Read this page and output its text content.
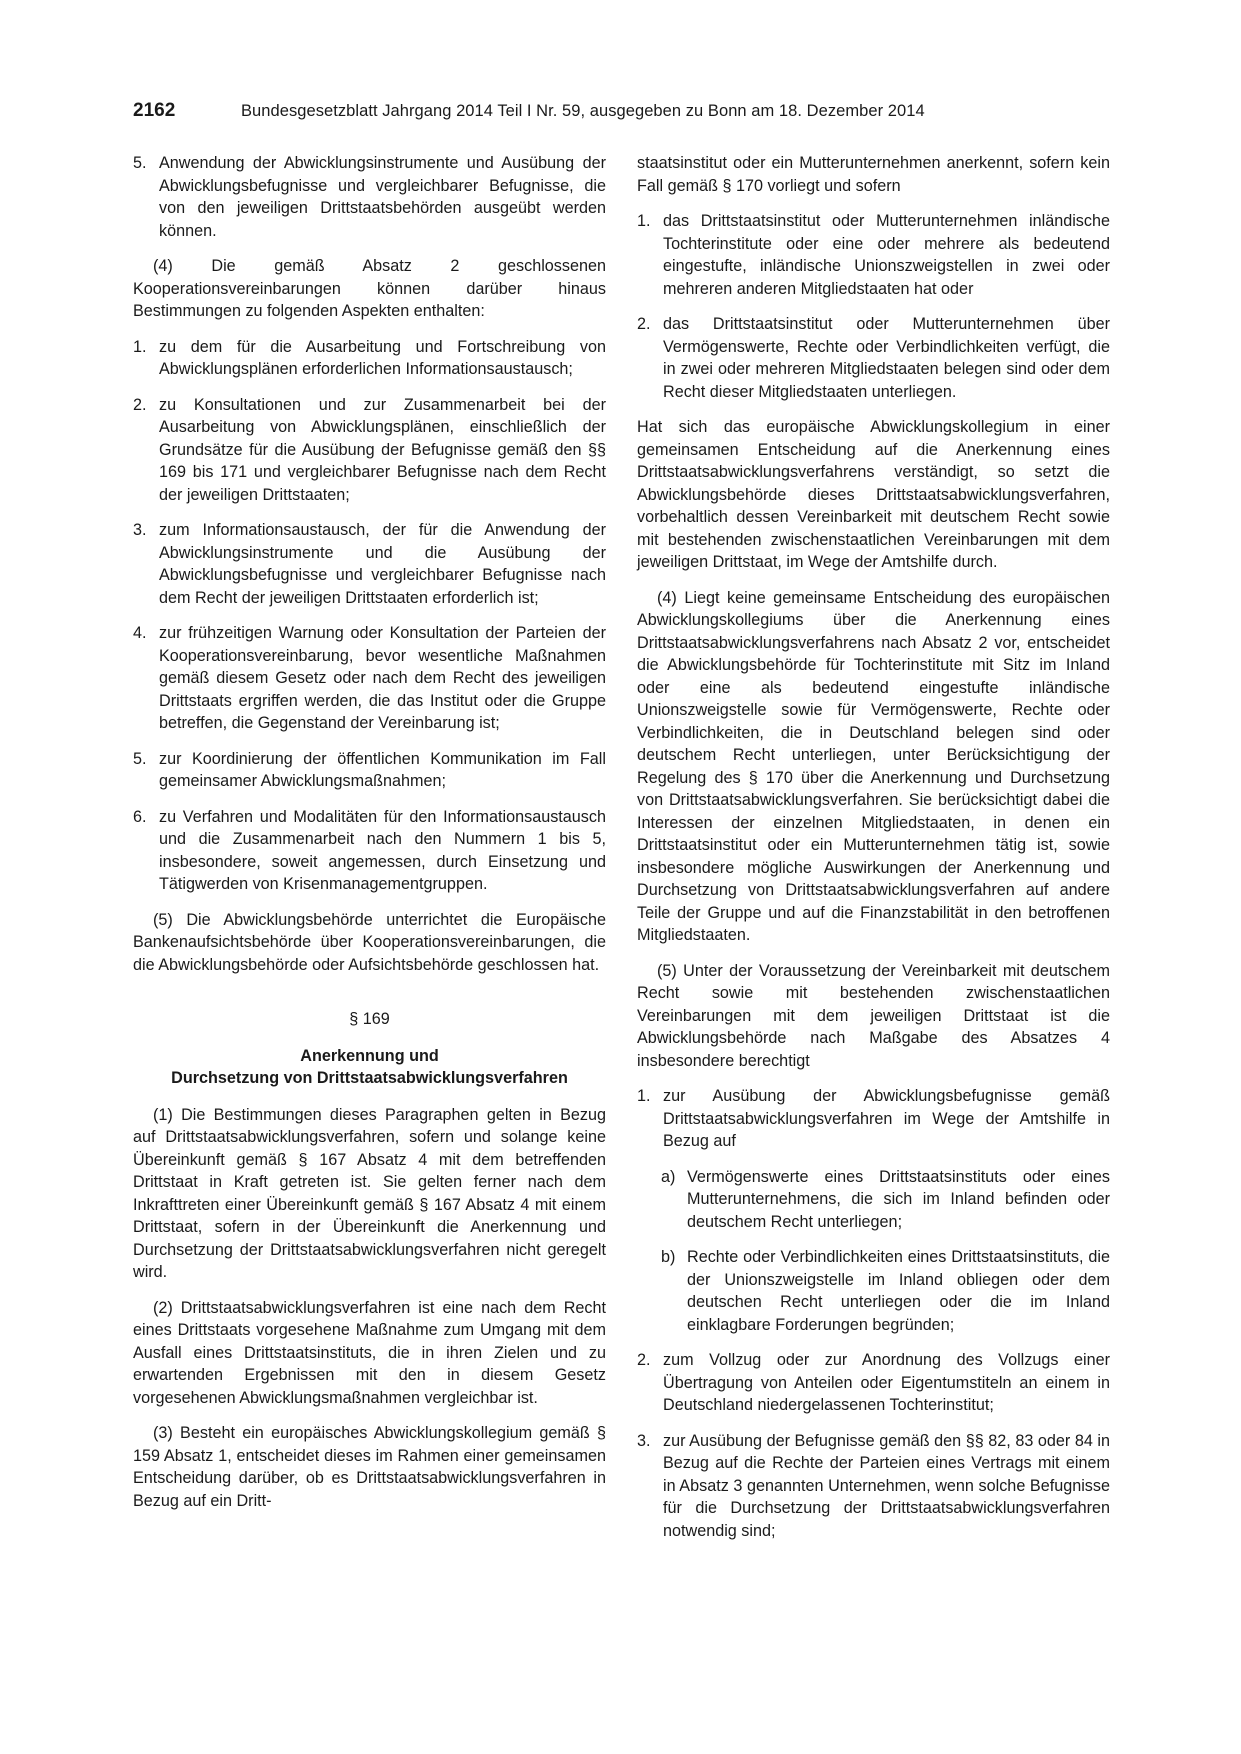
2162	Bundesgesetzblatt Jahrgang 2014 Teil I Nr. 59, ausgegeben zu Bonn am 18. Dezember 2014
5. Anwendung der Abwicklungsinstrumente und Ausübung der Abwicklungsbefugnisse und vergleichbarer Befugnisse, die von den jeweiligen Drittstaatsbehörden ausgeübt werden können.

(4) Die gemäß Absatz 2 geschlossenen Kooperationsvereinbarungen können darüber hinaus Bestimmungen zu folgenden Aspekten enthalten:

1. zu dem für die Ausarbeitung und Fortschreibung von Abwicklungsplänen erforderlichen Informationsaustausch;
2. zu Konsultationen und zur Zusammenarbeit bei der Ausarbeitung von Abwicklungsplänen, einschließlich der Grundsätze für die Ausübung der Befugnisse gemäß den §§ 169 bis 171 und vergleichbarer Befugnisse nach dem Recht der jeweiligen Drittstaaten;
3. zum Informationsaustausch, der für die Anwendung der Abwicklungsinstrumente und die Ausübung der Abwicklungsbefugnisse und vergleichbarer Befugnisse nach dem Recht der jeweiligen Drittstaaten erforderlich ist;
4. zur frühzeitigen Warnung oder Konsultation der Parteien der Kooperationsvereinbarung, bevor wesentliche Maßnahmen gemäß diesem Gesetz oder nach dem Recht des jeweiligen Drittstaats ergriffen werden, die das Institut oder die Gruppe betreffen, die Gegenstand der Vereinbarung ist;
5. zur Koordinierung der öffentlichen Kommunikation im Fall gemeinsamer Abwicklungsmaßnahmen;
6. zu Verfahren und Modalitäten für den Informationsaustausch und die Zusammenarbeit nach den Nummern 1 bis 5, insbesondere, soweit angemessen, durch Einsetzung und Tätigwerden von Krisenmanagementgruppen.

(5) Die Abwicklungsbehörde unterrichtet die Europäische Bankenaufsichtsbehörde über Kooperationsvereinbarungen, die die Abwicklungsbehörde oder Aufsichtsbehörde geschlossen hat.

§ 169
Anerkennung und
Durchsetzung von Drittstaatsabwicklungsverfahren

(1) Die Bestimmungen dieses Paragraphen gelten in Bezug auf Drittstaatsabwicklungsverfahren, sofern und solange keine Übereinkunft gemäß § 167 Absatz 4 mit dem betreffenden Drittstaat in Kraft getreten ist. Sie gelten ferner nach dem Inkrafttreten einer Übereinkunft gemäß § 167 Absatz 4 mit einem Drittstaat, sofern in der Übereinkunft die Anerkennung und Durchsetzung der Drittstaatsabwicklungsverfahren nicht geregelt wird.

(2) Drittstaatsabwicklungsverfahren ist eine nach dem Recht eines Drittstaats vorgesehene Maßnahme zum Umgang mit dem Ausfall eines Drittstaatsinstituts, die in ihren Zielen und zu erwartenden Ergebnissen mit den in diesem Gesetz vorgesehenen Abwicklungsmaßnahmen vergleichbar ist.

(3) Besteht ein europäisches Abwicklungskollegium gemäß § 159 Absatz 1, entscheidet dieses im Rahmen einer gemeinsamen Entscheidung darüber, ob es Drittstaatsabwicklungsverfahren in Bezug auf ein Dritt-

staatsinstitut oder ein Mutterunternehmen anerkennt, sofern kein Fall gemäß § 170 vorliegt und sofern

1. das Drittstaatsinstitut oder Mutterunternehmen inländische Tochterinstitute oder eine oder mehrere als bedeutend eingestufte, inländische Unionszweigstellen in zwei oder mehreren anderen Mitgliedstaaten hat oder
2. das Drittstaatsinstitut oder Mutterunternehmen über Vermögenswerte, Rechte oder Verbindlichkeiten verfügt, die in zwei oder mehreren Mitgliedstaaten belegen sind oder dem Recht dieser Mitgliedstaaten unterliegen.

Hat sich das europäische Abwicklungskollegium in einer gemeinsamen Entscheidung auf die Anerkennung eines Drittstaatsabwicklungsverfahrens verständigt, so setzt die Abwicklungsbehörde dieses Drittstaatsabwicklungsverfahren, vorbehaltlich dessen Vereinbarkeit mit deutschem Recht sowie mit bestehenden zwischenstaatlichen Vereinbarungen mit dem jeweiligen Drittstaat, im Wege der Amtshilfe durch.

(4) Liegt keine gemeinsame Entscheidung des europäischen Abwicklungskollegiums über die Anerkennung eines Drittstaatsabwicklungsverfahrens nach Absatz 2 vor, entscheidet die Abwicklungsbehörde für Tochterinstitute mit Sitz im Inland oder eine als bedeutend eingestufte inländische Unionszweigstelle sowie für Vermögenswerte, Rechte oder Verbindlichkeiten, die in Deutschland belegen sind oder deutschem Recht unterliegen, unter Berücksichtigung der Regelung des § 170 über die Anerkennung und Durchsetzung von Drittstaatsabwicklungsverfahren. Sie berücksichtigt dabei die Interessen der einzelnen Mitgliedstaaten, in denen ein Drittstaatsinstitut oder ein Mutterunternehmen tätig ist, sowie insbesondere mögliche Auswirkungen der Anerkennung und Durchsetzung von Drittstaatsabwicklungsverfahren auf andere Teile der Gruppe und auf die Finanzstabilität in den betroffenen Mitgliedstaaten.

(5) Unter der Voraussetzung der Vereinbarkeit mit deutschem Recht sowie mit bestehenden zwischenstaatlichen Vereinbarungen mit dem jeweiligen Drittstaat ist die Abwicklungsbehörde nach Maßgabe des Absatzes 4 insbesondere berechtigt

1. zur Ausübung der Abwicklungsbefugnisse gemäß Drittstaatsabwicklungsverfahren im Wege der Amtshilfe in Bezug auf
a) Vermögenswerte eines Drittstaatsinstituts oder eines Mutterunternehmens, die sich im Inland befinden oder deutschem Recht unterliegen;
b) Rechte oder Verbindlichkeiten eines Drittstaatsinstituts, die der Unionszweigstelle im Inland obliegen oder dem deutschen Recht unterliegen oder die im Inland einklagbare Forderungen begründen;
2. zum Vollzug oder zur Anordnung des Vollzugs einer Übertragung von Anteilen oder Eigentumstiteln an einem in Deutschland niedergelassenen Tochterinstitut;
3. zur Ausübung der Befugnisse gemäß den §§ 82, 83 oder 84 in Bezug auf die Rechte der Parteien eines Vertrags mit einem in Absatz 3 genannten Unternehmen, wenn solche Befugnisse für die Durchsetzung der Drittstaatsabwicklungsverfahren notwendig sind;
